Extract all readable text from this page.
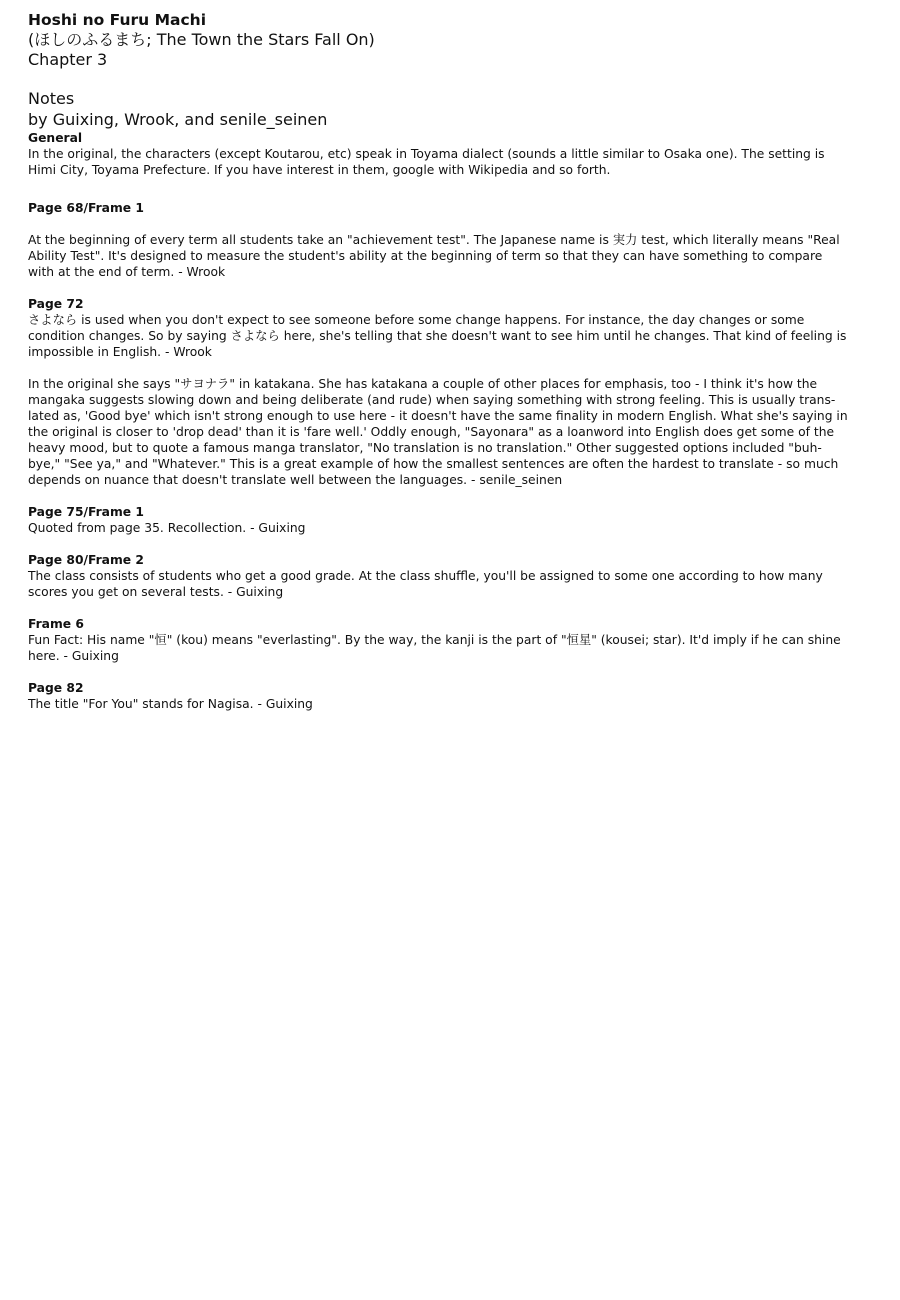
Hoshi no Furu Machi
(ほしのふるまち; The Town the Stars Fall On)
Chapter 3
Notes
by Guixing, Wrook, and senile_seinen
General

In the original, the characters (except Koutarou, etc) speak in Toyama dialect (sounds a little similar to Osaka one). The setting is
Himi City, Toyama Prefecture. If you have interest in them, google with Wikipedia and so forth.

Page 68/Frame 1

At the beginning of every term all students take an "achievement test". The Japanese name is 実力 test, which literally means "Real
Ability Test". It's designed to measure the student's ability at the beginning of term so that they can have something to compare
with at the end of term. - Wrook

Page 72

さよなら is used when you don't expect to see someone before some change happens. For instance, the day changes or some
condition changes. So by saying さよなら here, she's telling that she doesn't want to see him until he changes. That kind of feeling is
impossible in English. - Wrook

In the original she says "サヨナラ" in katakana. She has katakana a couple of other places for emphasis, too - I think it's how the
mangaka suggests slowing down and being deliberate (and rude) when saying something with strong feeling. This is usually trans-
lated as, 'Good bye' which isn't strong enough to use here - it doesn't have the same finality in modern English. What she's saying in
the original is closer to 'drop dead' than it is 'fare well.' Oddly enough, "Sayonara" as a loanword into English does get some of the
heavy mood, but to quote a famous manga translator, "No translation is no translation." Other suggested options included "buh-
bye," "See ya," and "Whatever." This is a great example of how the smallest sentences are often the hardest to translate - so much
depends on nuance that doesn't translate well between the languages. - senile_seinen

Page 75/Frame 1

Quoted from page 35. Recollection. - Guixing

Page 80/Frame 2

The class consists of students who get a good grade. At the class shuffle, you'll be assigned to some one according to how many
scores you get on several tests. - Guixing

Frame 6

Fun Fact: His name "恒" (kou) means "everlasting". By the way, the kanji is the part of "恒星" (kousei; star). It'd imply if he can shine
here. - Guixing

Page 82

The title "For You" stands for Nagisa. - Guixing
